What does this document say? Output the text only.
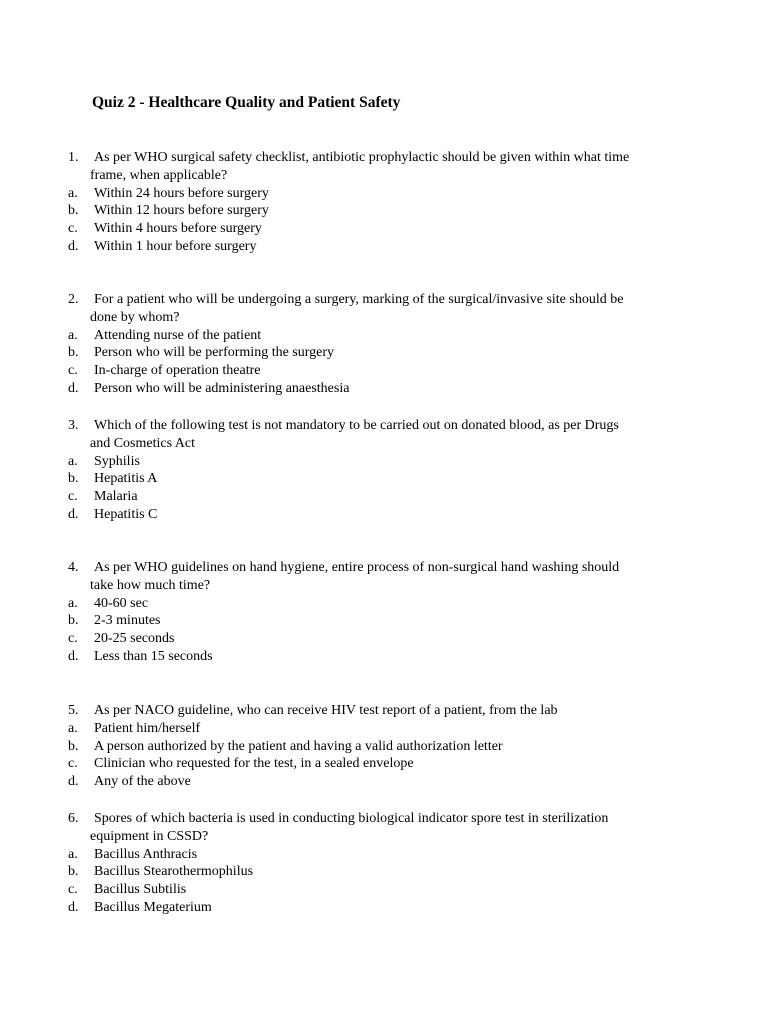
Quiz 2 - Healthcare Quality and Patient Safety
1. As per WHO surgical safety checklist, antibiotic prophylactic should be given within what time
frame, when applicable?
a. Within 24 hours before surgery
b. Within 12 hours before surgery
c. Within 4 hours before surgery
d. Within 1 hour before surgery
2. For a patient who will be undergoing a surgery, marking of the surgical/invasive site should be
done by whom?
a. Attending nurse of the patient
b. Person who will be performing the surgery
c. In-charge of operation theatre
d. Person who will be administering anaesthesia
3. Which of the following test is not mandatory to be carried out on donated blood, as per Drugs
and Cosmetics Act
a. Syphilis
b. Hepatitis A
c. Malaria
d. Hepatitis C
4. As per WHO guidelines on hand hygiene, entire process of non-surgical hand washing should
take how much time?
a. 40-60 sec
b. 2-3 minutes
c. 20-25 seconds
d. Less than 15 seconds
5. As per NACO guideline, who can receive HIV test report of a patient, from the lab
a. Patient him/herself
b. A person authorized by the patient and having a valid authorization letter
c. Clinician who requested for the test, in a sealed envelope
d. Any of the above
6. Spores of which bacteria is used in conducting biological indicator spore test in sterilization
equipment in CSSD?
a. Bacillus Anthracis
b. Bacillus Stearothermophilus
c. Bacillus Subtilis
d. Bacillus Megaterium
